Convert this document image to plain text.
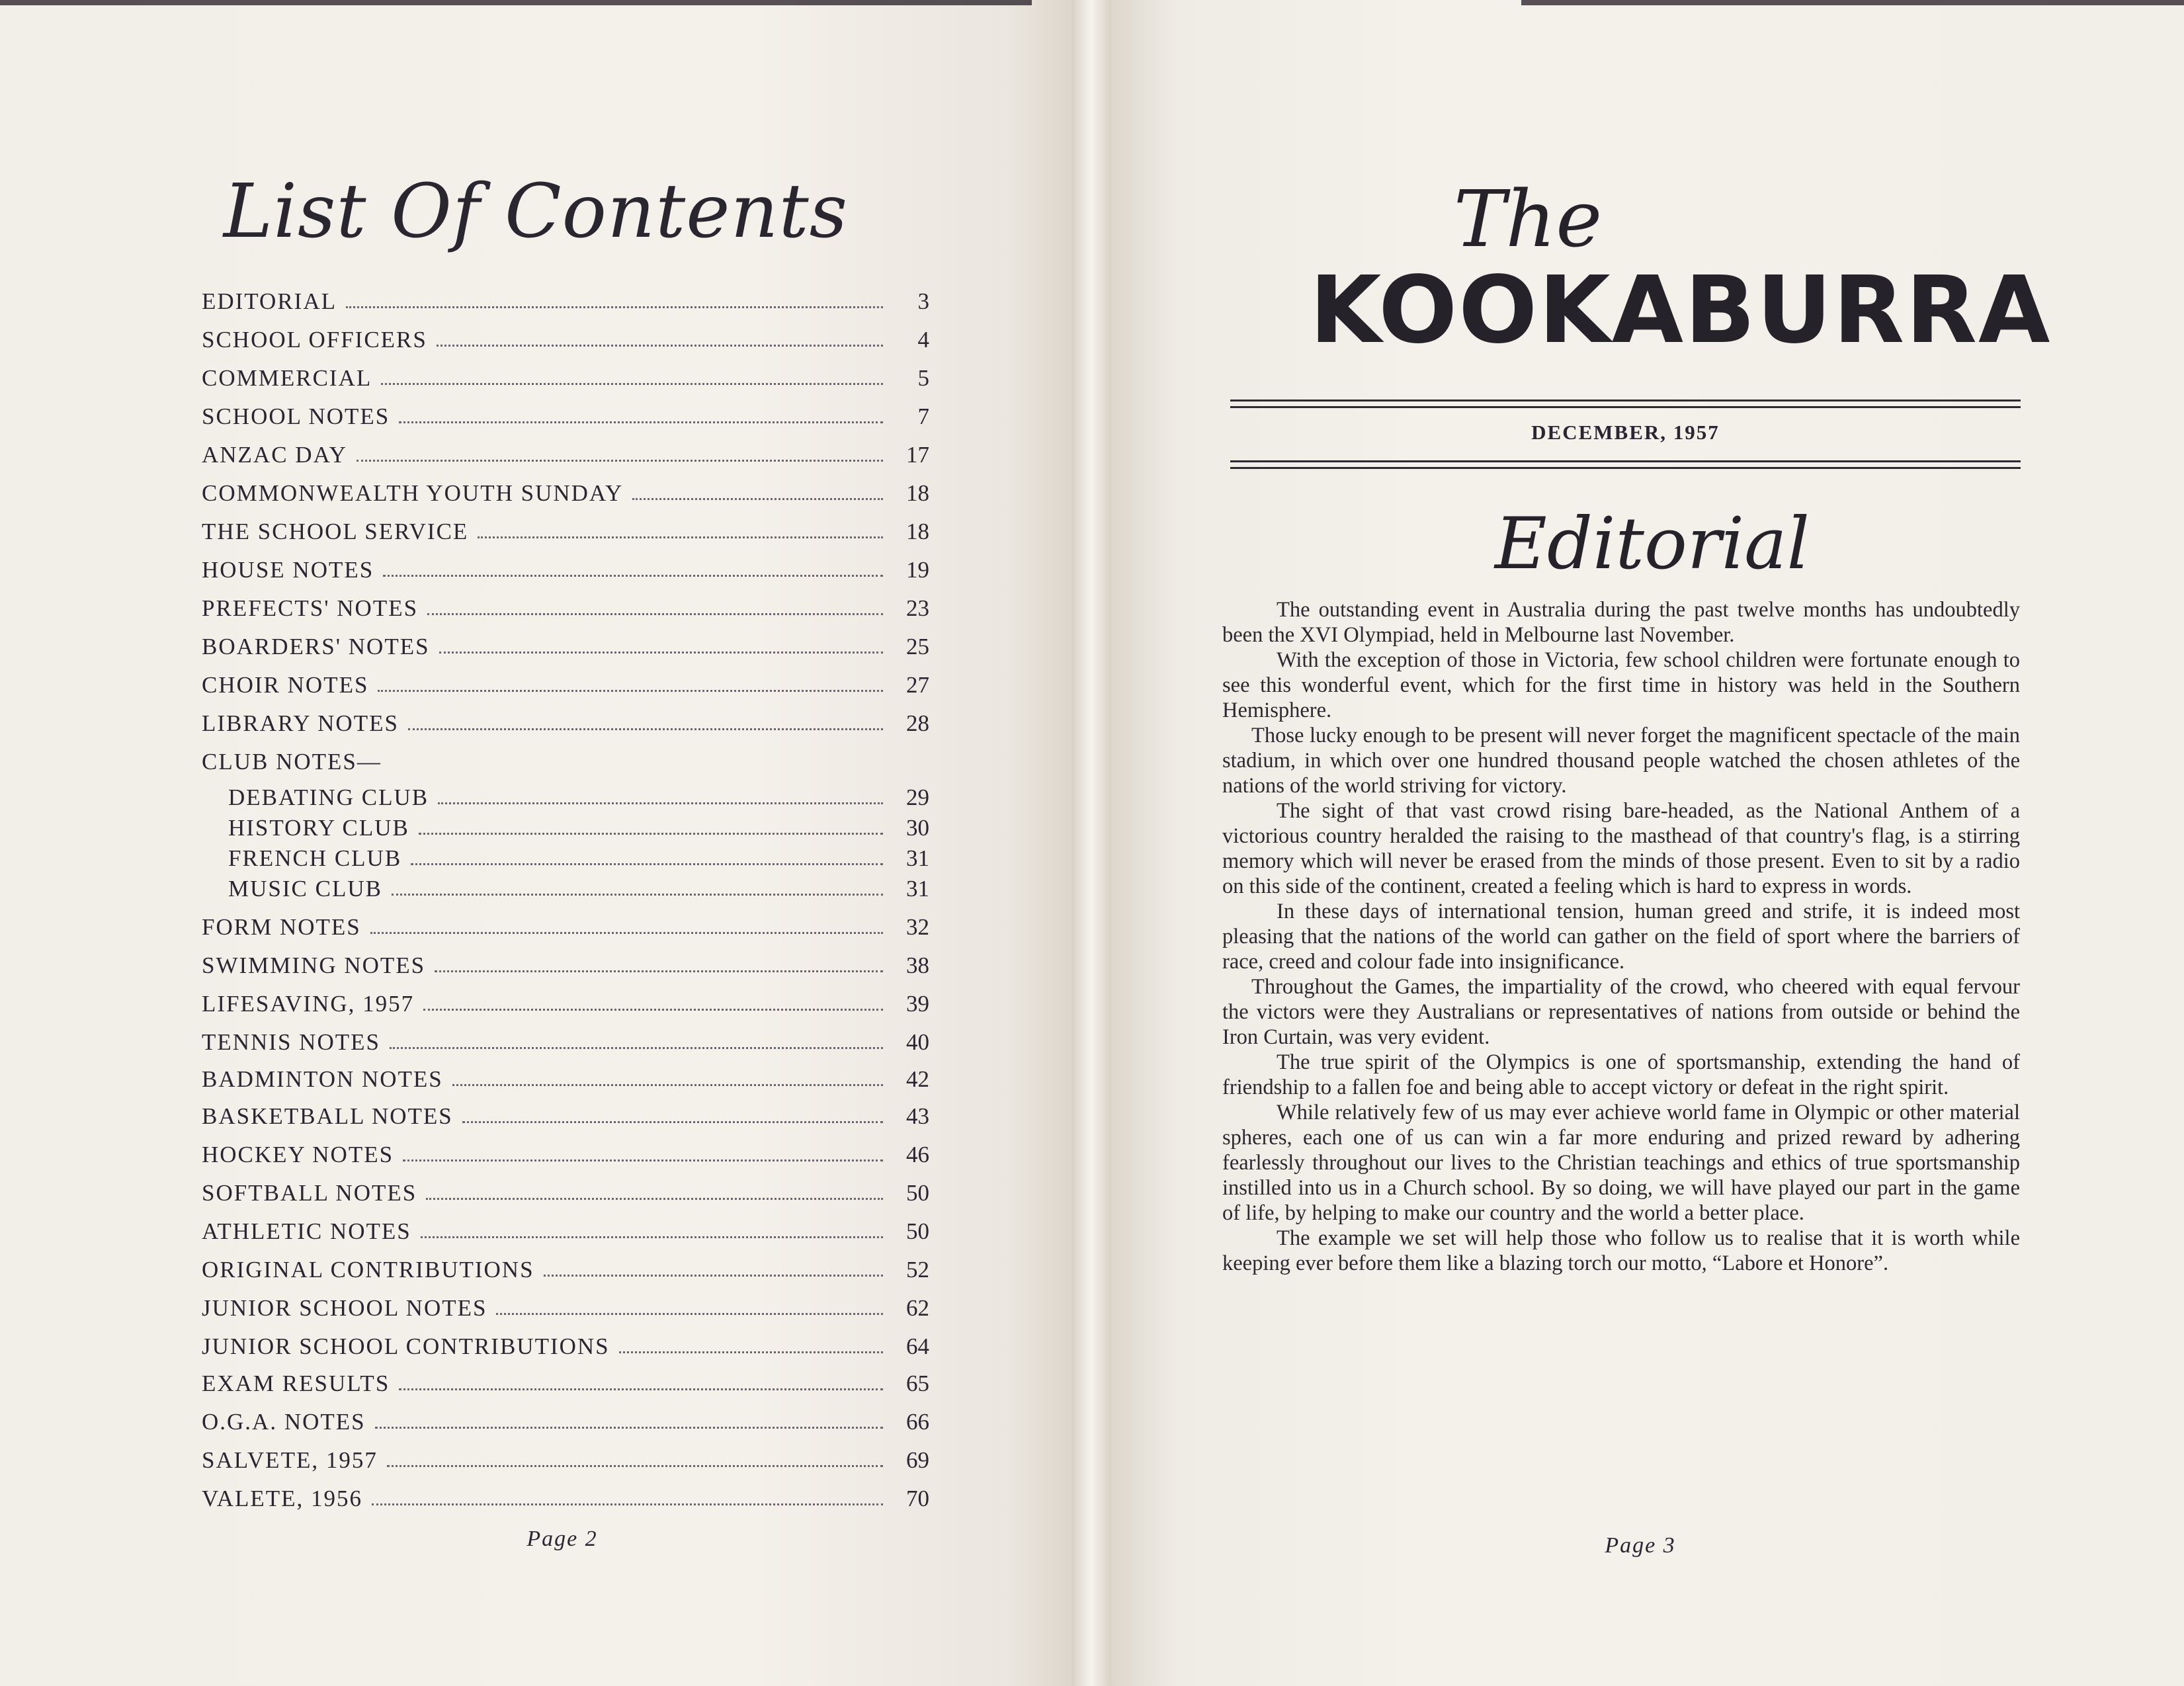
List Of Contents
EDITORIAL	3
SCHOOL OFFICERS	4
COMMERCIAL	5
SCHOOL NOTES	7
ANZAC DAY	17
COMMONWEALTH YOUTH SUNDAY	18
THE SCHOOL SERVICE	18
HOUSE NOTES	19
PREFECTS' NOTES	23
BOARDERS' NOTES	25
CHOIR NOTES	27
LIBRARY NOTES	28
CLUB NOTES—
DEBATING CLUB	29
HISTORY CLUB	30
FRENCH CLUB	31
MUSIC CLUB	31
FORM NOTES	32
SWIMMING NOTES	38
LIFESAVING, 1957	39
TENNIS NOTES	40
BADMINTON NOTES	42
BASKETBALL NOTES	43
HOCKEY NOTES	46
SOFTBALL NOTES	50
ATHLETIC NOTES	50
ORIGINAL CONTRIBUTIONS	52
JUNIOR SCHOOL NOTES	62
JUNIOR SCHOOL CONTRIBUTIONS	64
EXAM RESULTS	65
O.G.A. NOTES	66
SALVETE, 1957	69
VALETE, 1956	70
Page 2
The
KOOKABURRA
DECEMBER, 1957
Editorial

The outstanding event in Australia during the past twelve months has undoubtedly been the XVI Olympiad, held in Melbourne last November.

With the exception of those in Victoria, few school children were fortunate enough to see this wonderful event, which for the first time in history was held in the Southern Hemisphere.

Those lucky enough to be present will never forget the magnificent spectacle of the main stadium, in which over one hundred thousand people watched the chosen athletes of the nations of the world striving for victory.

The sight of that vast crowd rising bare-headed, as the National Anthem of a victorious country heralded the raising to the masthead of that country's flag, is a stirring memory which will never be erased from the minds of those present. Even to sit by a radio on this side of the continent, created a feeling which is hard to express in words.

In these days of international tension, human greed and strife, it is indeed most pleasing that the nations of the world can gather on the field of sport where the barriers of race, creed and colour fade into insignificance.

Throughout the Games, the impartiality of the crowd, who cheered with equal fervour the victors were they Australians or representatives of nations from outside or behind the Iron Curtain, was very evident.

The true spirit of the Olympics is one of sportsmanship, extending the hand of friendship to a fallen foe and being able to accept victory or defeat in the right spirit.

While relatively few of us may ever achieve world fame in Olympic or other material spheres, each one of us can win a far more enduring and prized reward by adhering fearlessly throughout our lives to the Christian teachings and ethics of true sportsmanship instilled into us in a Church school. By so doing, we will have played our part in the game of life, by helping to make our country and the world a better place.

The example we set will help those who follow us to realise that it is worth while keeping ever before them like a blazing torch our motto, “Labore et Honore”.

Page 3
